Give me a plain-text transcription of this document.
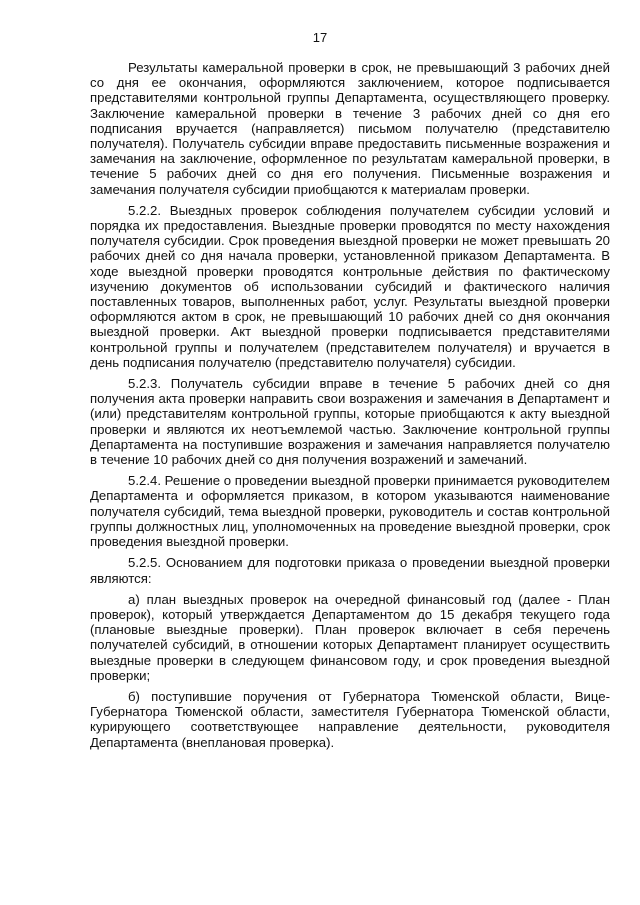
17

Результаты камеральной проверки в срок, не превышающий 3 рабочих дней со дня ее окончания, оформляются заключением, которое подписывается представителями контрольной группы Департамента, осуществляющего проверку. Заключение камеральной проверки в течение 3 рабочих дней со дня его подписания вручается (направляется) письмом получателю (представителю получателя). Получатель субсидии вправе предоставить письменные возражения и замечания на заключение, оформленное по результатам камеральной проверки, в течение 5 рабочих дней со дня его получения. Письменные возражения и замечания получателя субсидии приобщаются к материалам проверки.

5.2.2. Выездных проверок соблюдения получателем субсидии условий и порядка их предоставления. Выездные проверки проводятся по месту нахождения получателя субсидии. Срок проведения выездной проверки не может превышать 20 рабочих дней со дня начала проверки, установленной приказом Департамента. В ходе выездной проверки проводятся контрольные действия по фактическому изучению документов об использовании субсидий и фактического наличия поставленных товаров, выполненных работ, услуг. Результаты выездной проверки оформляются актом в срок, не превышающий 10 рабочих дней со дня окончания выездной проверки. Акт выездной проверки подписывается представителями контрольной группы и получателем (представителем получателя) и вручается в день подписания получателю (представителю получателя) субсидии.

5.2.3. Получатель субсидии вправе в течение 5 рабочих дней со дня получения акта проверки направить свои возражения и замечания в Департамент и (или) представителям контрольной группы, которые приобщаются к акту выездной проверки и являются их неотъемлемой частью. Заключение контрольной группы Департамента на поступившие возражения и замечания направляется получателю в течение 10 рабочих дней со дня получения возражений и замечаний.

5.2.4. Решение о проведении выездной проверки принимается руководителем Департамента и оформляется приказом, в котором указываются наименование получателя субсидий, тема выездной проверки, руководитель и состав контрольной группы должностных лиц, уполномоченных на проведение выездной проверки, срок проведения выездной проверки.

5.2.5. Основанием для подготовки приказа о проведении выездной проверки являются:

а) план выездных проверок на очередной финансовый год (далее - План проверок), который утверждается Департаментом до 15 декабря текущего года (плановые выездные проверки). План проверок включает в себя перечень получателей субсидий, в отношении которых Департамент планирует осуществить выездные проверки в следующем финансовом году, и срок проведения выездной проверки;

б) поступившие поручения от Губернатора Тюменской области, Вице-Губернатора Тюменской области, заместителя Губернатора Тюменской области, курирующего соответствующее направление деятельности, руководителя Департамента (внеплановая проверка).
